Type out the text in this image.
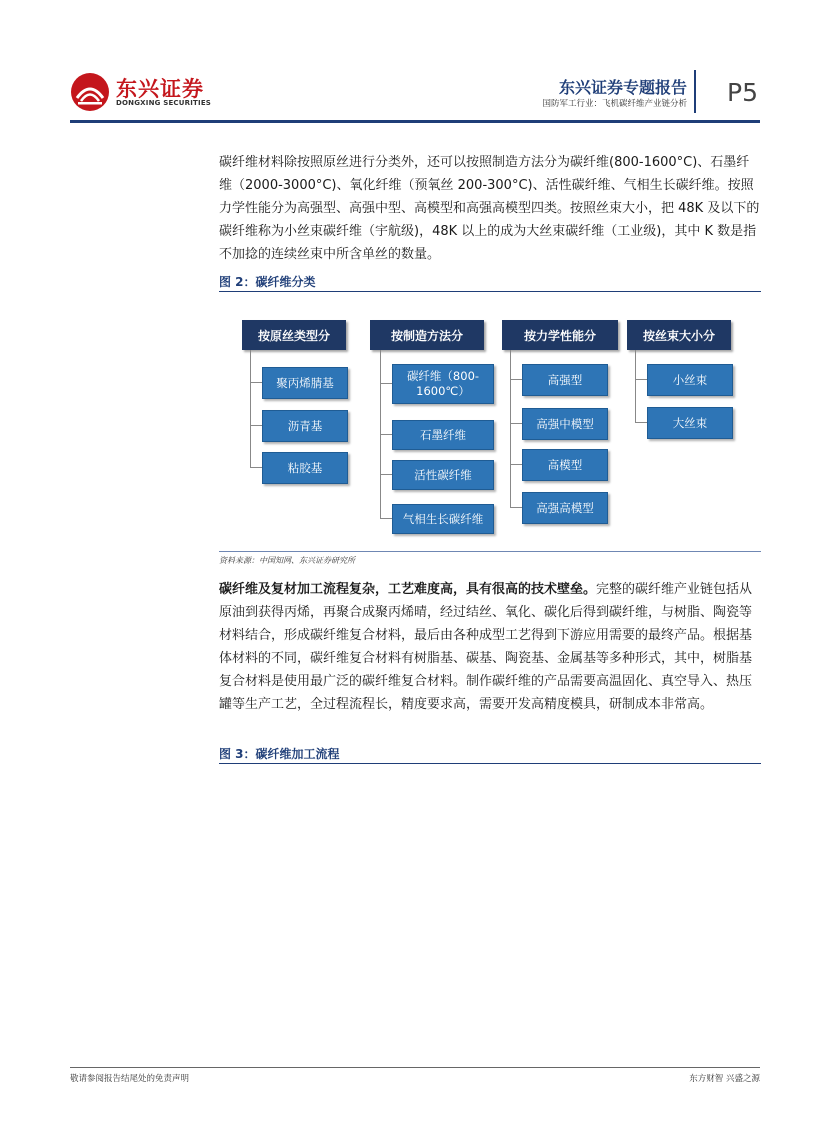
东兴证券
DONGXING SECURITIES
东兴证券专题报告
国防军工行业：飞机碳纤维产业链分析 P5
碳纤维材料除按照原丝进行分类外，还可以按照制造方法分为碳纤维(800-1600°C)、石墨纤维（2000-3000°C)、氧化纤维（预氧丝 200-300°C)、活性碳纤维、气相生长碳纤维。按照力学性能分为高强型、高强中型、高模型和高强高模型四类。按照丝束大小，把 48K 及以下的碳纤维称为小丝束碳纤维（宇航级)，48K 以上的成为大丝束碳纤维（工业级)，其中 K 数是指不加捻的连续丝束中所含单丝的数量。
图 2：碳纤维分类
按原丝类型分
聚丙烯腈基
沥青基
粘胶基
按制造方法分
碳纤维（800-1600℃）
石墨纤维
活性碳纤维
气相生长碳纤维
按力学性能分
高强型
高强中模型
高模型
高强高模型
按丝束大小分
小丝束
大丝束
资料来源：中国知网、东兴证券研究所
碳纤维及复材加工流程复杂，工艺难度高，具有很高的技术壁垒。完整的碳纤维产业链包括从原油到获得丙烯，再聚合成聚丙烯晴，经过结丝、氧化、碳化后得到碳纤维，与树脂、陶瓷等材料结合，形成碳纤维复合材料，最后由各种成型工艺得到下游应用需要的最终产品。根据基体材料的不同，碳纤维复合材料有树脂基、碳基、陶瓷基、金属基等多种形式，其中，树脂基复合材料是使用最广泛的碳纤维复合材料。制作碳纤维的产品需要高温固化、真空导入、热压罐等生产工艺，全过程流程长，精度要求高，需要开发高精度模具，研制成本非常高。
图 3：碳纤维加工流程
敬请参阅报告结尾处的免责声明	东方财智 兴盛之源
